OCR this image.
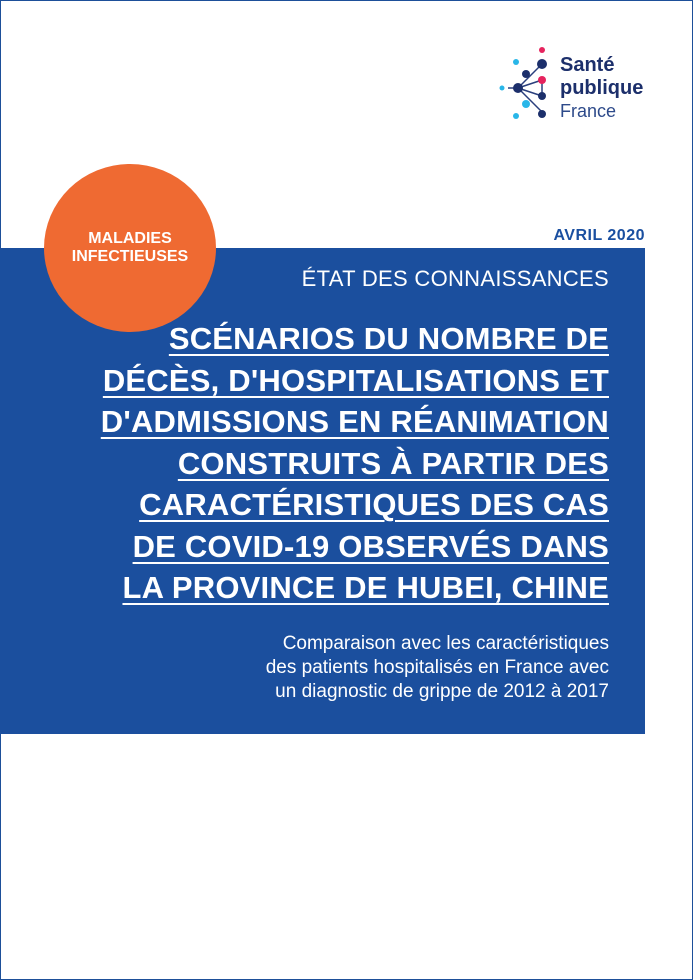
Santé
publique
France
AVRIL 2020
MALADIES
INFECTIEUSES
ÉTAT DES CONNAISSANCES
SCÉNARIOS DU NOMBRE DE
DÉCÈS, D'HOSPITALISATIONS ET
D'ADMISSIONS EN RÉANIMATION
CONSTRUITS À PARTIR DES
CARACTÉRISTIQUES DES CAS
DE COVID-19 OBSERVÉS DANS
LA PROVINCE DE HUBEI, CHINE
Comparaison avec les caractéristiques
des patients hospitalisés en France avec
un diagnostic de grippe de 2012 à 2017
